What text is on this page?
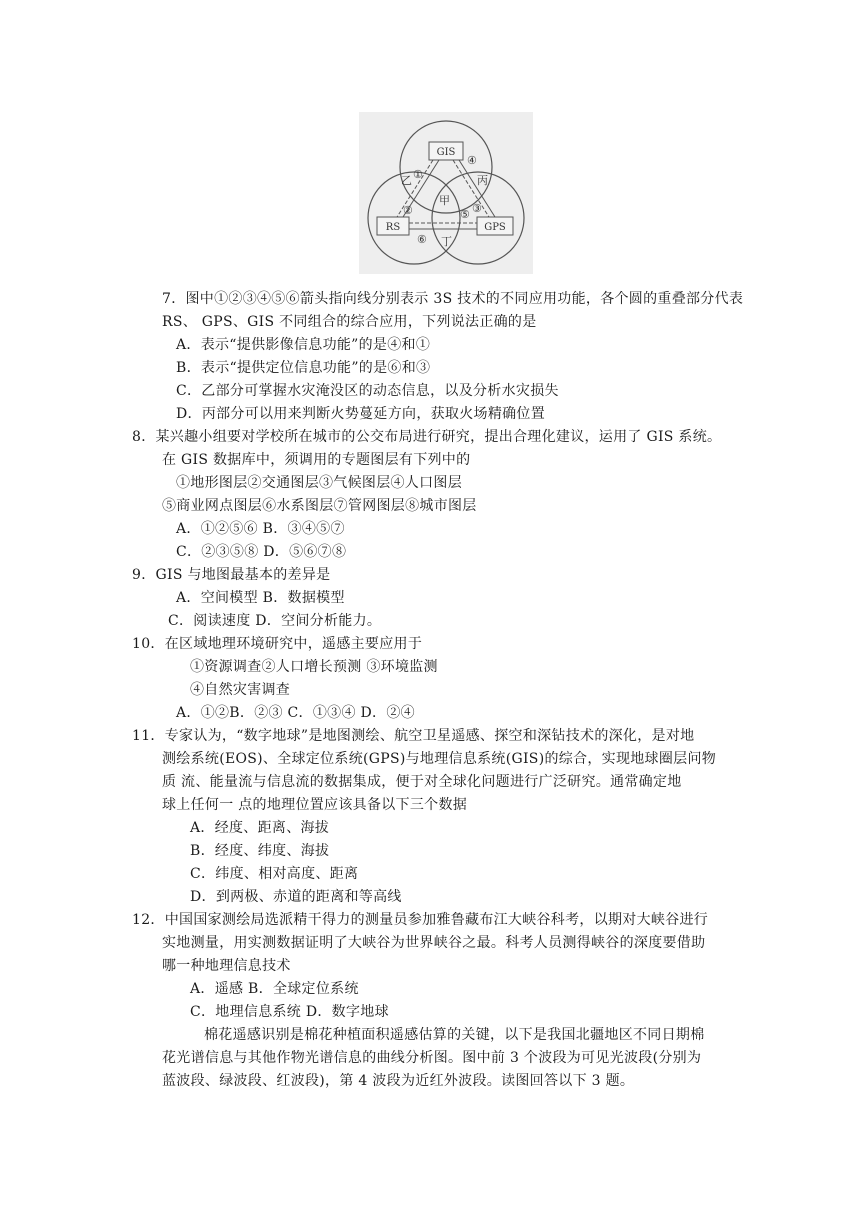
GIS
RS	GPS
①
④
②	⑤ ③
⑥
甲
乙	丙
丁
7．图中①②③④⑤⑥箭头指向线分别表示 3S 技术的不同应用功能，各个圆的重叠部分代表
RS、 GPS、GIS 不同组合的综合应用，下列说法正确的是
A．表示“提供影像信息功能”的是④和①
B．表示“提供定位信息功能”的是⑥和③
C．乙部分可掌握水灾淹没区的动态信息，以及分析水灾损失
D．丙部分可以用来判断火势蔓延方向，获取火场精确位置
8．某兴趣小组要对学校所在城市的公交布局进行研究，提出合理化建议，运用了 GIS 系统。
在 GIS 数据库中，须调用的专题图层有下列中的
①地形图层②交通图层③气候图层④人口图层
⑤商业网点图层⑥水系图层⑦管网图层⑧城市图层
A．①②⑤⑥ B．③④⑤⑦
C．②③⑤⑧ D．⑤⑥⑦⑧
9．GIS 与地图最基本的差异是
A．空间模型 B．数据模型
C．阅读速度 D．空间分析能力。
10．在区域地理环境研究中，遥感主要应用于
①资源调查②人口增长预测 ③环境监测
④自然灾害调查
A．①②B．②③ C．①③④ D．②④
11．专家认为，“数字地球”是地图测绘、航空卫星遥感、探空和深钻技术的深化，是对地
测绘系统(EOS)、全球定位系统(GPS)与地理信息系统(GIS)的综合，实现地球圈层问物
质 流、能量流与信息流的数据集成，便于对全球化问题进行广泛研究。通常确定地
球上任何一 点的地理位置应该具备以下三个数据
A．经度、距离、海拔
B．经度、纬度、海拔
C．纬度、相对高度、距离
D．到两极、赤道的距离和等高线
12．中国国家测绘局选派精干得力的测量员参加雅鲁藏布江大峡谷科考，以期对大峡谷进行
实地测量，用实测数据证明了大峡谷为世界峡谷之最。科考人员测得峡谷的深度要借助
哪一种地理信息技术
A．遥感 B．全球定位系统
C．地理信息系统 D．数字地球
棉花遥感识别是棉花种植面积遥感估算的关键，以下是我国北疆地区不同日期棉
花光谱信息与其他作物光谱信息的曲线分析图。图中前 3 个波段为可见光波段(分别为
蓝波段、绿波段、红波段)，第 4 波段为近红外波段。读图回答以下 3 题。
